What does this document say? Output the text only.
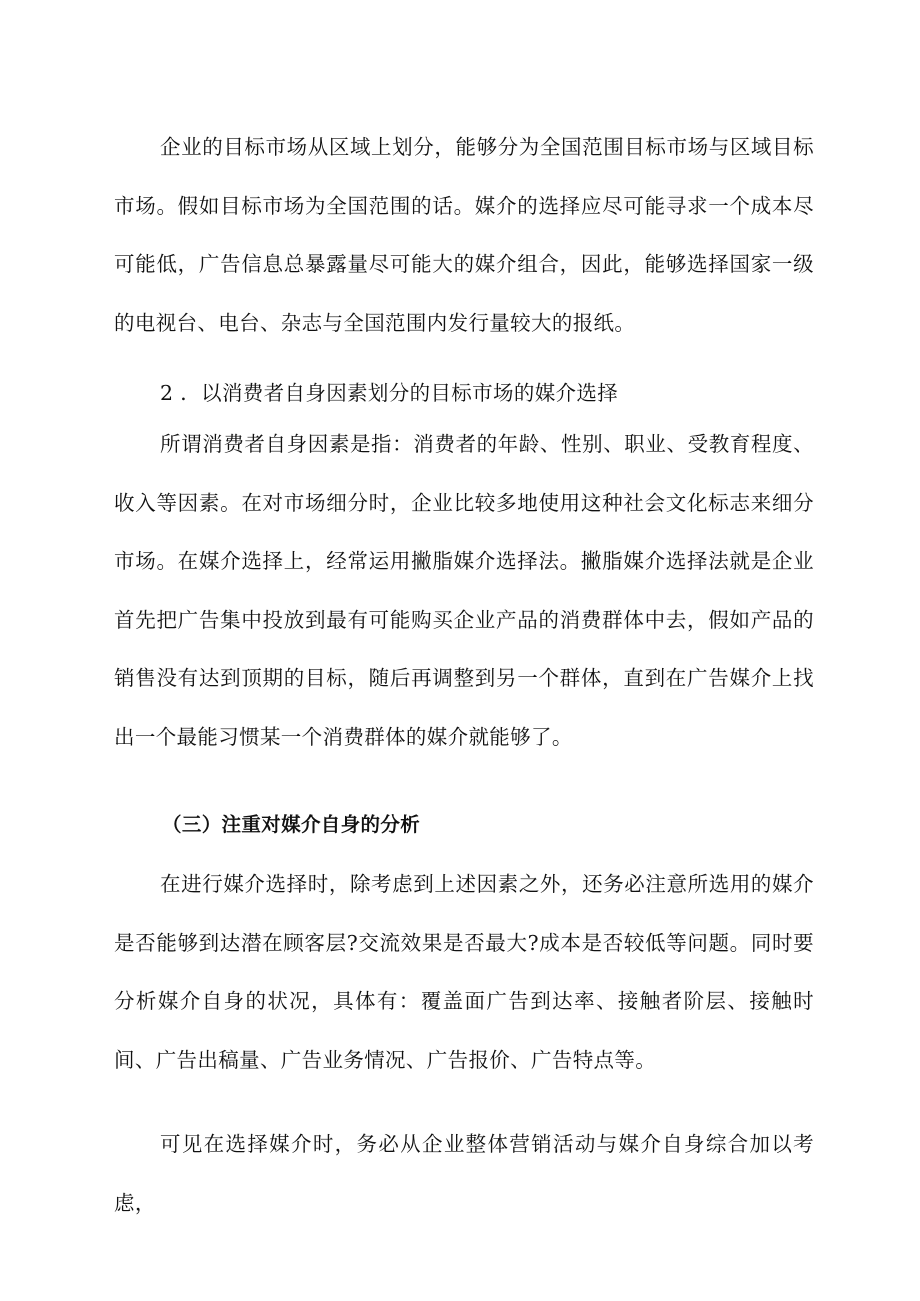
企业的目标市场从区域上划分，能够分为全国范围目标市场与区域目标市场。假如目标市场为全国范围的话。媒介的选择应尽可能寻求一个成本尽可能低，广告信息总暴露量尽可能大的媒介组合，因此，能够选择国家一级的电视台、电台、杂志与全国范围内发行量较大的报纸。

2 ．以消费者自身因素划分的目标市场的媒介选择

所谓消费者自身因素是指：消费者的年龄、性别、职业、受教育程度、收入等因素。在对市场细分时，企业比较多地使用这种社会文化标志来细分市场。在媒介选择上，经常运用撇脂媒介选择法。撇脂媒介选择法就是企业首先把广告集中投放到最有可能购买企业产品的消费群体中去，假如产品的销售没有达到顶期的目标，随后再调整到另一个群体，直到在广告媒介上找出一个最能习惯某一个消费群体的媒介就能够了。

（三）注重对媒介自身的分析

在进行媒介选择时，除考虑到上述因素之外，还务必注意所选用的媒介是否能够到达潜在顾客层?交流效果是否最大?成本是否较低等问题。同时要分析媒介自身的状况，具体有：覆盖面广告到达率、接触者阶层、接触时间、广告出稿量、广告业务情况、广告报价、广告特点等。

可见在选择媒介时，务必从企业整体营销活动与媒介自身综合加以考虑，
